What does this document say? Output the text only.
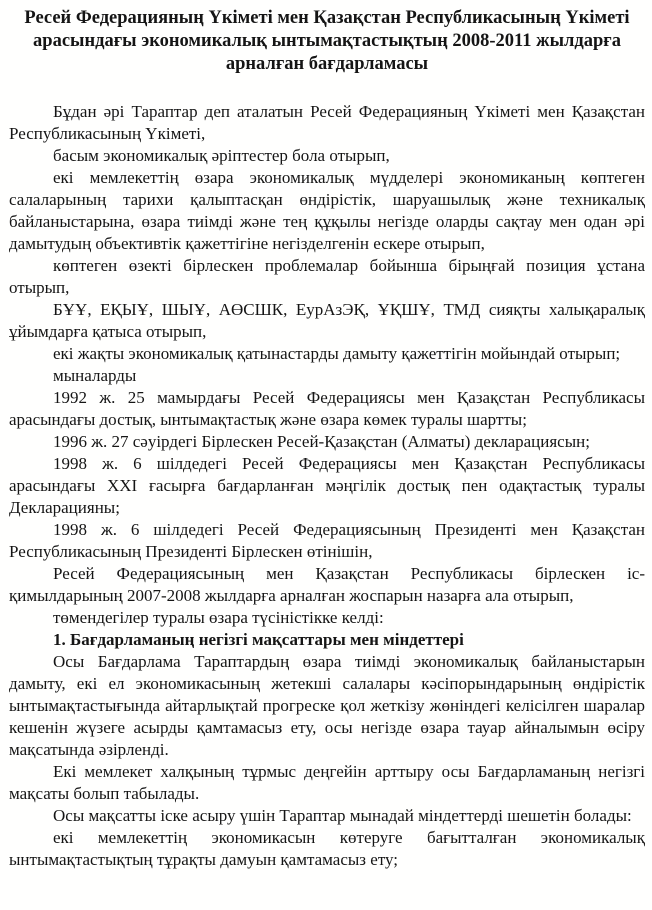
Ресей Федерацияның Үкіметі мен Қазақстан Республикасының Үкіметі
арасындағы экономикалық ынтымақтастықтың 2008-2011 жылдарға
арналған бағдарламасы

Бұдан әрі Тараптар деп аталатын Ресей Федерацияның Үкіметі мен Қазақстан Республикасының Үкіметі,

басым экономикалық әріптестер бола отырып,

екі мемлекеттің өзара экономикалық мүдделері экономиканың көптеген салаларының тарихи қалыптасқан өндірістік, шаруашылық және техникалық байланыстарына, өзара тиімді және тең құқылы негізде оларды сақтау мен одан әрі дамытудың объективтік қажеттігіне негізделгенін ескере отырып,

көптеген өзекті бірлескен проблемалар бойынша бірыңғай позиция ұстана отырып,

БҰҰ, ЕҚЫҰ, ШЫҰ, АӨСШК, ЕурАзЭҚ, ҰҚШҰ, ТМД сияқты халықаралық ұйымдарға қатыса отырып,

екі жақты экономикалық қатынастарды дамыту қажеттігін мойындай отырып;

мыналарды

1992 ж. 25 мамырдағы Ресей Федерациясы мен Қазақстан Республикасы арасындағы достық, ынтымақтастық және өзара көмек туралы шартты;

1996 ж. 27 сәуірдегі Бірлескен Ресей-Қазақстан (Алматы) декларациясын;

1998 ж. 6 шілдедегі Ресей Федерациясы мен Қазақстан Республикасы арасындағы XXI ғасырға бағдарланған мәңгілік достық пен одақтастық туралы Декларацияны;

1998 ж. 6 шілдедегі Ресей Федерациясының Президенті мен Қазақстан Республикасының Президенті Бірлескен өтінішін,

Ресей Федерациясының мен Қазақстан Республикасы бірлескен іс-қимылдарының 2007-2008 жылдарға арналған жоспарын назарға ала отырып,

төмендегілер туралы өзара түсіністікке келді:

1. Бағдарламаның негізгі мақсаттары мен міндеттері

Осы Бағдарлама Тараптардың өзара тиімді экономикалық байланыстарын дамыту, екі ел экономикасының жетекші салалары кәсіпорындарының өндірістік ынтымақтастығында айтарлықтай прогреске қол жеткізу жөніндегі келісілген шаралар кешенін жүзеге асырды қамтамасыз ету, осы негізде өзара тауар айналымын өсіру мақсатында әзірленді.

Екі мемлекет халқының тұрмыс деңгейін арттыру осы Бағдарламаның негізгі мақсаты болып табылады.

Осы мақсатты іске асыру үшін Тараптар мынадай міндеттерді шешетін болады:

екі мемлекеттің экономикасын көтеруге бағытталған экономикалық ынтымақтастықтың тұрақты дамуын қамтамасыз ету;
